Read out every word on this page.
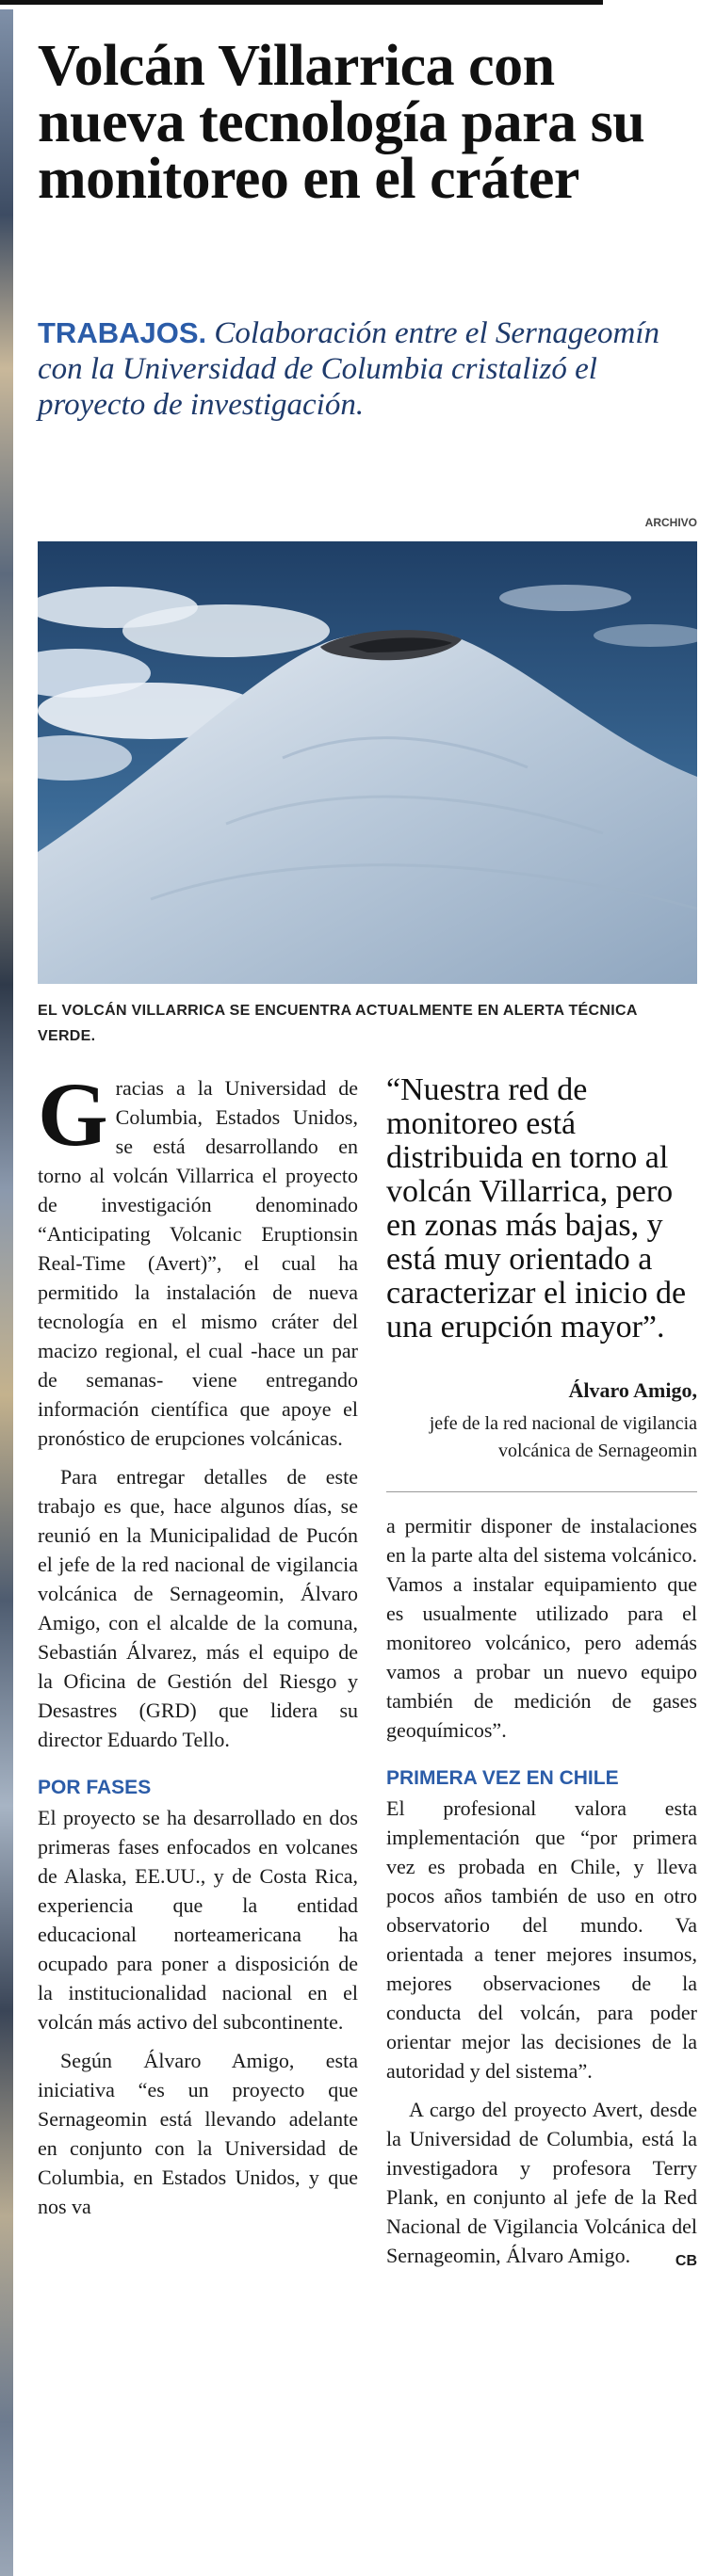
Volcán Villarrica con nueva tecnología para su monitoreo en el cráter

TRABAJOS. Colaboración entre el Sernageomín con la Universidad de Columbia cristalizó el proyecto de investigación.

ARCHIVO

EL VOLCÁN VILLARRICA SE ENCUENTRA ACTUALMENTE EN ALERTA TÉCNICA VERDE.

Gracias a la Universidad de Columbia, Estados Unidos, se está desarrollando en torno al volcán Villarrica el proyecto de investigación denominado “Anticipating Volcanic Eruptionsin Real-Time (Avert)”, el cual ha permitido la instalación de nueva tecnología en el mismo cráter del macizo regional, el cual -hace un par de semanas- viene entregando información científica que apoye el pronóstico de erupciones volcánicas.

Para entregar detalles de este trabajo es que, hace algunos días, se reunió en la Municipalidad de Pucón el jefe de la red nacional de vigilancia volcánica de Sernageomin, Álvaro Amigo, con el alcalde de la comuna, Sebastián Álvarez, más el equipo de la Oficina de Gestión del Riesgo y Desastres (GRD) que lidera su director Eduardo Tello.

POR FASES

El proyecto se ha desarrollado en dos primeras fases enfocados en volcanes de Alaska, EE.UU., y de Costa Rica, experiencia que la entidad educacional norteamericana ha ocupado para poner a disposición de la institucionalidad nacional en el volcán más activo del subcontinente.

Según Álvaro Amigo, esta iniciativa “es un proyecto que Sernageomin está llevando adelante en conjunto con la Universidad de Columbia, en Estados Unidos, y que nos va

“Nuestra red de monitoreo está distribuida en torno al volcán Villarrica, pero en zonas más bajas, y está muy orientado a caracterizar el inicio de una erupción mayor”.

Álvaro Amigo,
jefe de la red nacional de vigilancia volcánica de Sernageomin

a permitir disponer de instalaciones en la parte alta del sistema volcánico. Vamos a instalar equipamiento que es usualmente utilizado para el monitoreo volcánico, pero además vamos a probar un nuevo equipo también de medición de gases geoquímicos”.

PRIMERA VEZ EN CHILE

El profesional valora esta implementación que “por primera vez es probada en Chile, y lleva pocos años también de uso en otro observatorio del mundo. Va orientada a tener mejores insumos, mejores observaciones de la conducta del volcán, para poder orientar mejor las decisiones de la autoridad y del sistema”.

A cargo del proyecto Avert, desde la Universidad de Columbia, está la investigadora y profesora Terry Plank, en conjunto al jefe de la Red Nacional de Vigilancia Volcánica del Sernageomin, Álvaro Amigo.	CB
